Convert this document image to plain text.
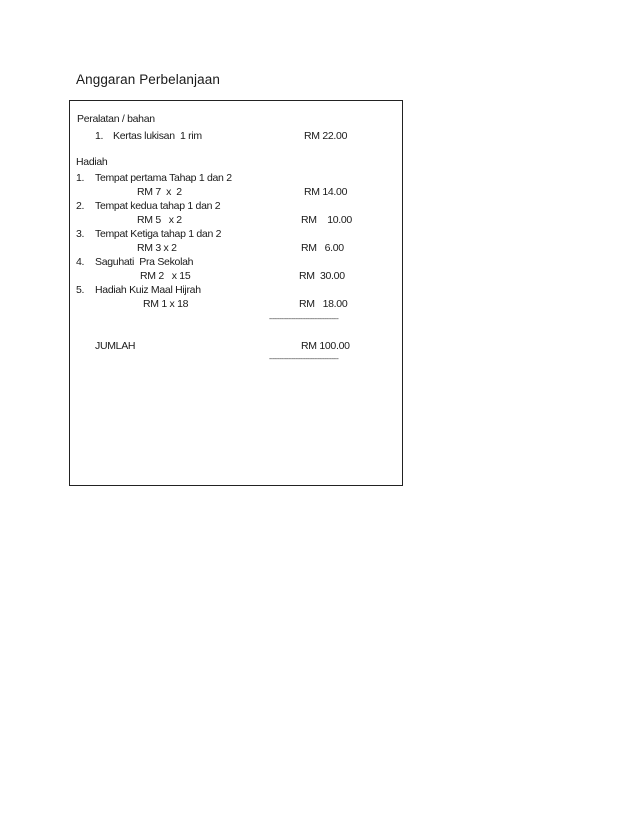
Anggaran Perbelanjaan
Peralatan / bahan
1. Kertas lukisan  1 rim	RM 22.00
Hadiah
1. Tempat pertama Tahap 1 dan 2
RM 7  x  2	RM 14.00
2. Tempat kedua tahap 1 dan 2
RM 5   x 2	RM    10.00
3. Tempat Ketiga tahap 1 dan 2
RM 3 x 2	RM   6.00
4. Saguhati  Pra Sekolah
RM 2   x 15	RM  30.00
5. Hadiah Kuiz Maal Hijrah
RM 1 x 18	RM   18.00
----------------------------------------
JUMLAH	RM 100.00
----------------------------------------
